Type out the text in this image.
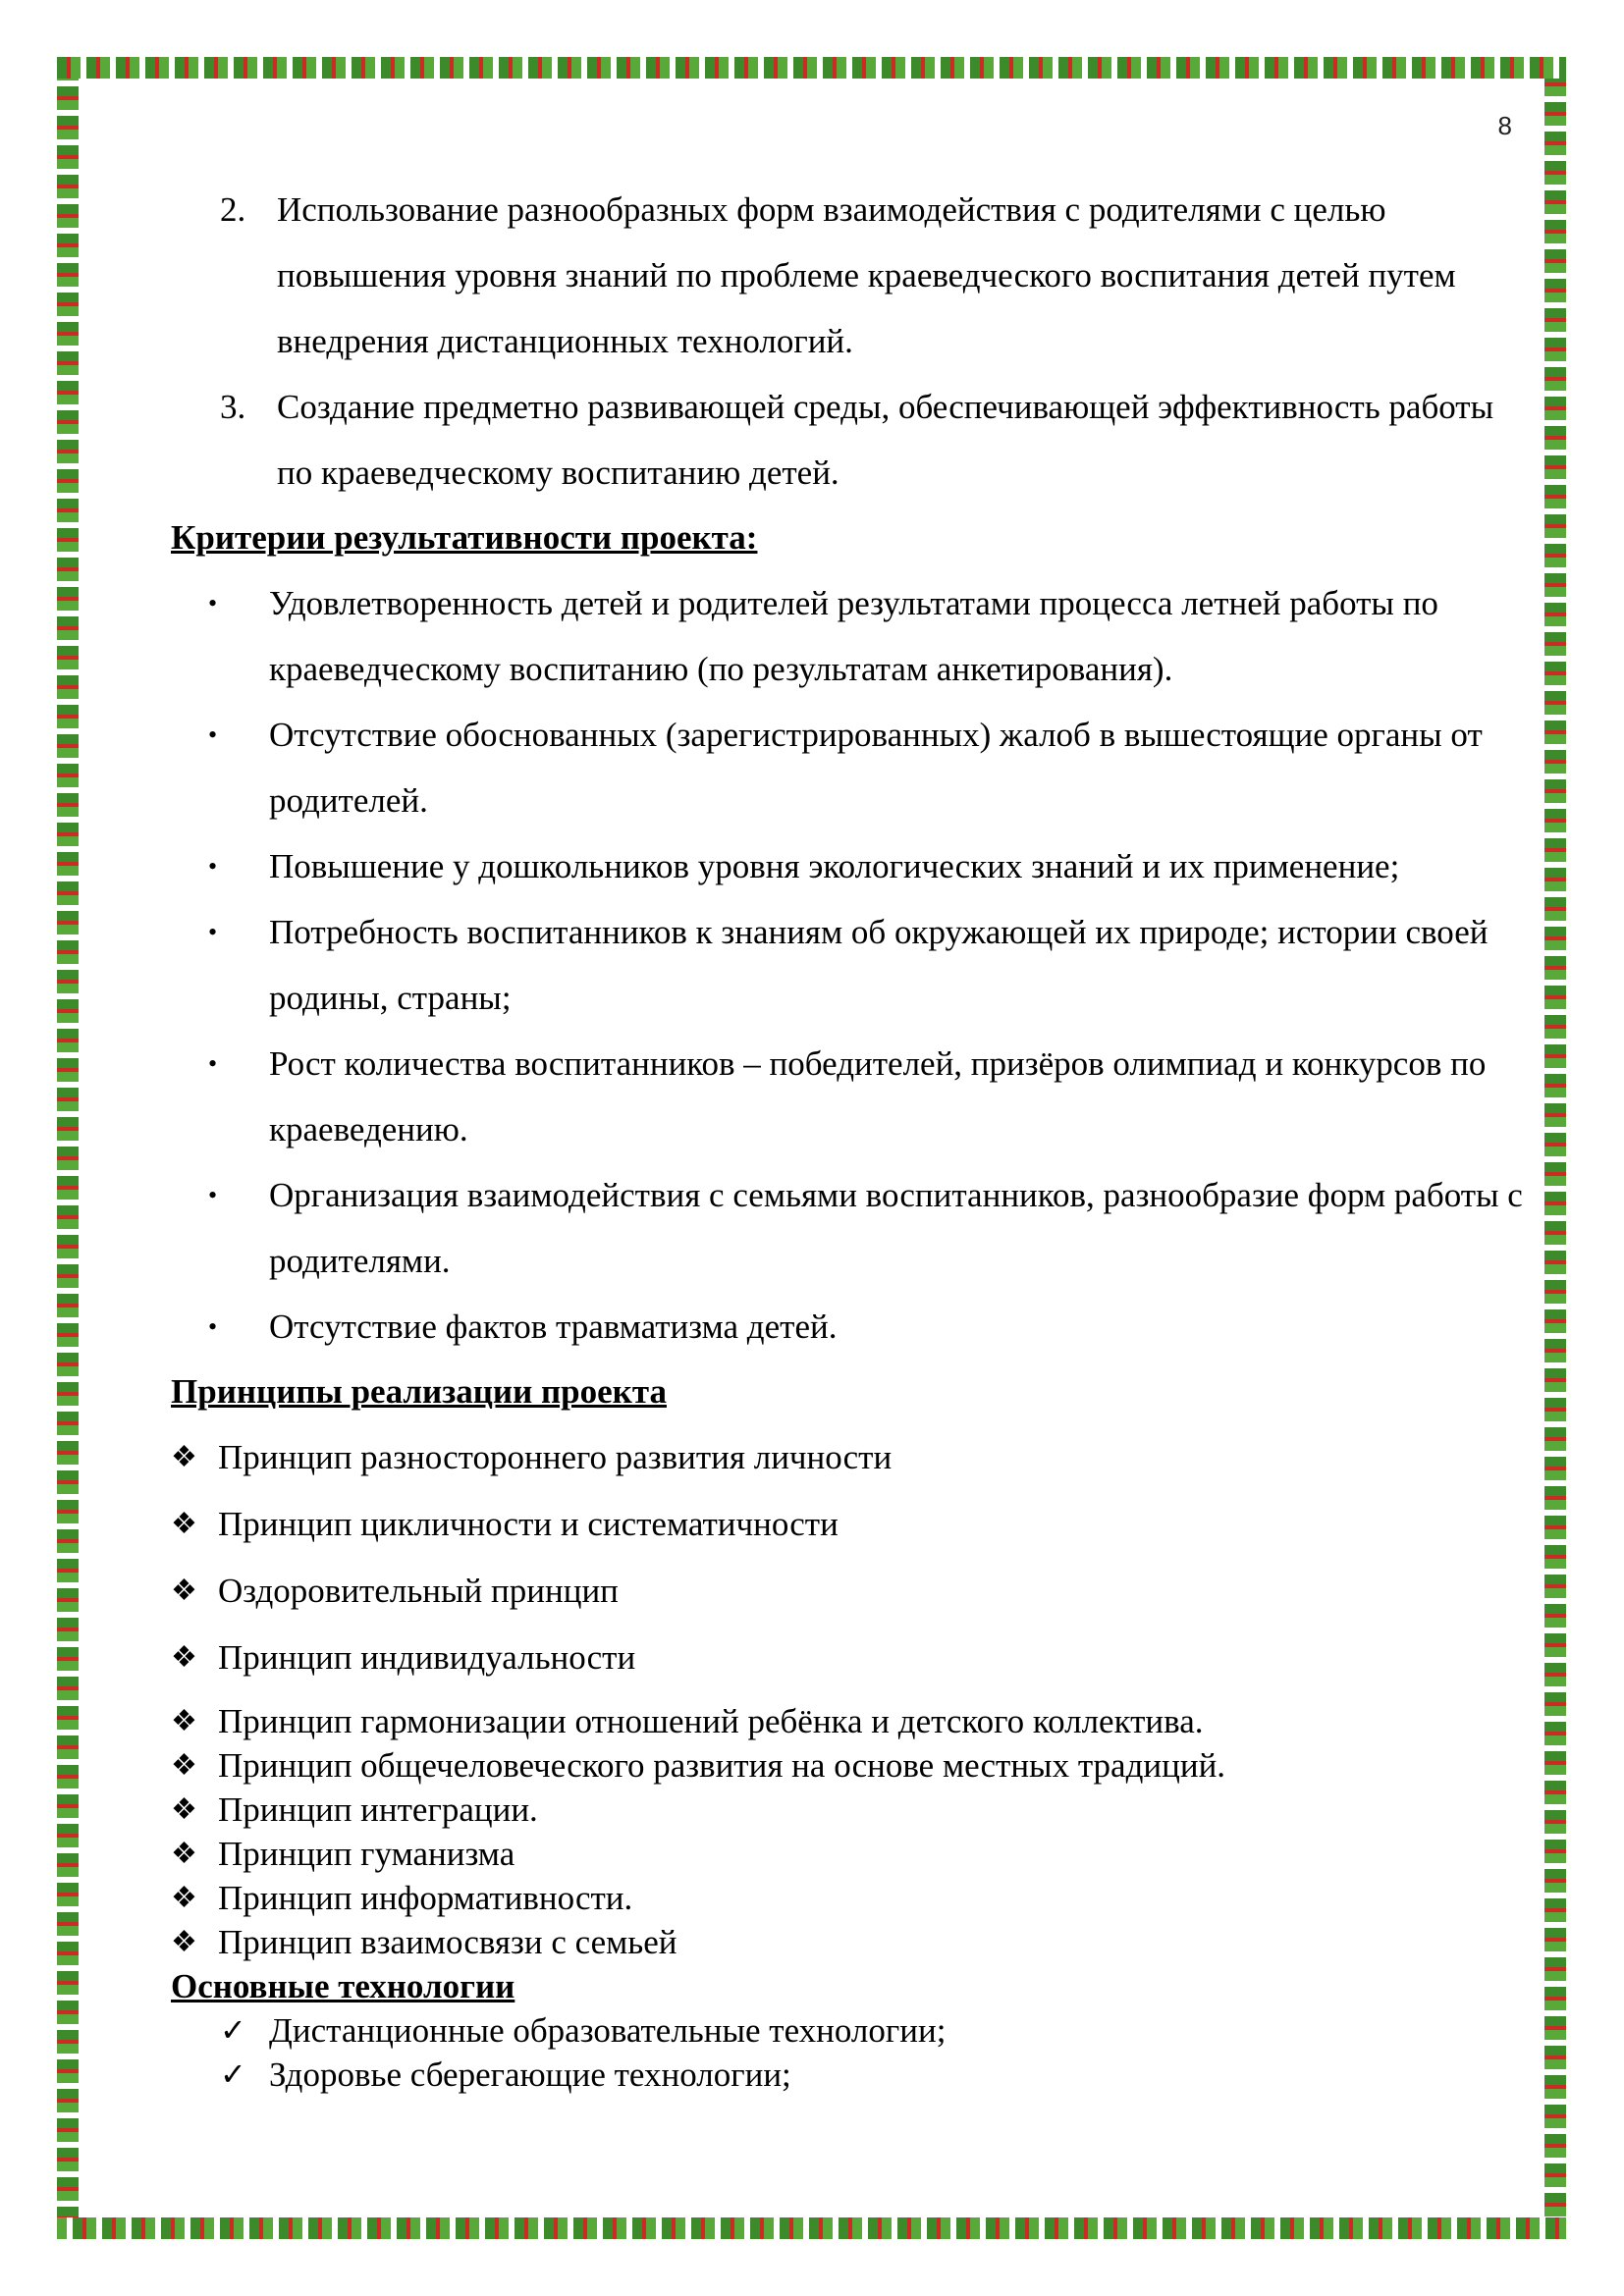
8
2. Использование разнообразных форм взаимодействия с родителями с целью повышения уровня знаний по проблеме краеведческого воспитания детей путем внедрения дистанционных технологий.
3. Создание предметно развивающей среды, обеспечивающей эффективность работы по краеведческому воспитанию детей.

Критерии результативности проекта:

•	Удовлетворенность детей и родителей результатами процесса летней работы по краеведческому воспитанию (по результатам анкетирования).
•	Отсутствие обоснованных (зарегистрированных) жалоб в вышестоящие органы от родителей.
•	Повышение у дошкольников уровня экологических знаний и их применение;
•	Потребность воспитанников к знаниям об окружающей их природе; истории своей родины, страны;
•	Рост количества воспитанников – победителей, призёров олимпиад и конкурсов по краеведению.
•	Организация взаимодействия с семьями воспитанников, разнообразие форм работы с родителями.
•	Отсутствие фактов травматизма детей.

Принципы реализации проекта

❖ Принцип разностороннего развития личности
❖ Принцип цикличности и систематичности
❖ Оздоровительный принцип
❖ Принцип индивидуальности
❖ Принцип гармонизации отношений ребёнка и детского коллектива.
❖ Принцип общечеловеческого развития на основе местных традиций.
❖ Принцип интеграции.
❖ Принцип гуманизма
❖ Принцип информативности.
❖ Принцип взаимосвязи с семьей

Основные технологии

✓ Дистанционные образовательные технологии;
✓ Здоровье сберегающие технологии;
